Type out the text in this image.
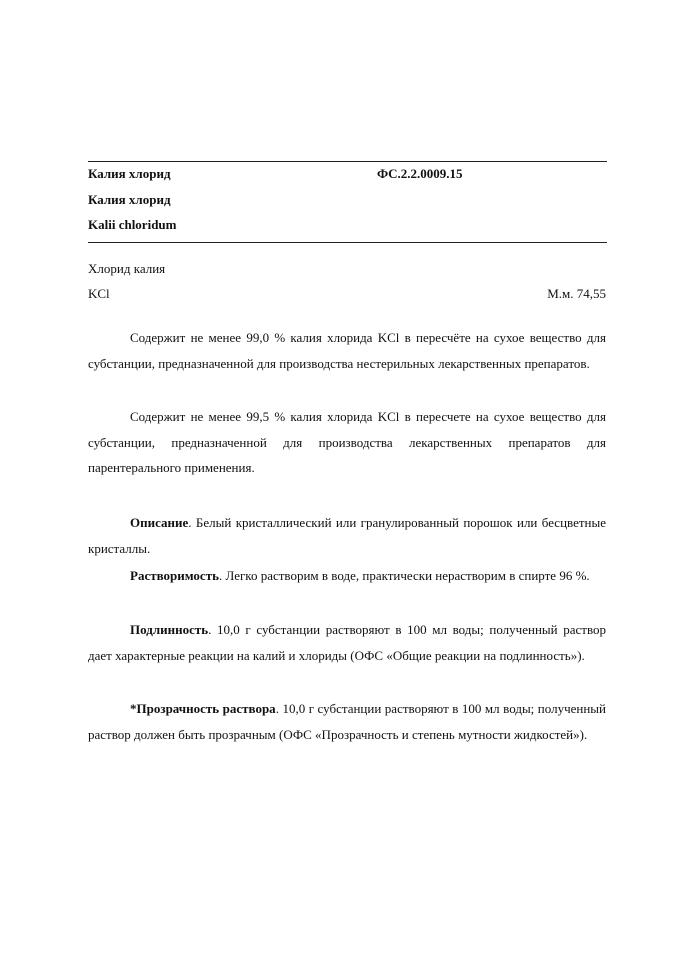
Калия хлорид	ФС.2.2.0009.15
Калия хлорид
Kalii chloridum
Хлорид калия
KCl	М.м. 74,55

Содержит не менее 99,0 % калия хлорида KCl в пересчёте на сухое вещество для субстанции, предназначенной для производства нестерильных лекарственных препаратов.

Содержит не менее 99,5 % калия хлорида KCl в пересчете на сухое вещество для субстанции, предназначенной для производства лекарственных препаратов для парентерального применения.

Описание. Белый кристаллический или гранулированный порошок или бесцветные кристаллы.

Растворимость. Легко растворим в воде, практически нерастворим в спирте 96 %.

Подлинность. 10,0 г субстанции растворяют в 100 мл воды; полученный раствор дает характерные реакции на калий и хлориды (ОФС «Общие реакции на подлинность»).

*Прозрачность раствора. 10,0 г субстанции растворяют в 100 мл воды; полученный раствор должен быть прозрачным (ОФС «Прозрачность и степень мутности жидкостей»).
